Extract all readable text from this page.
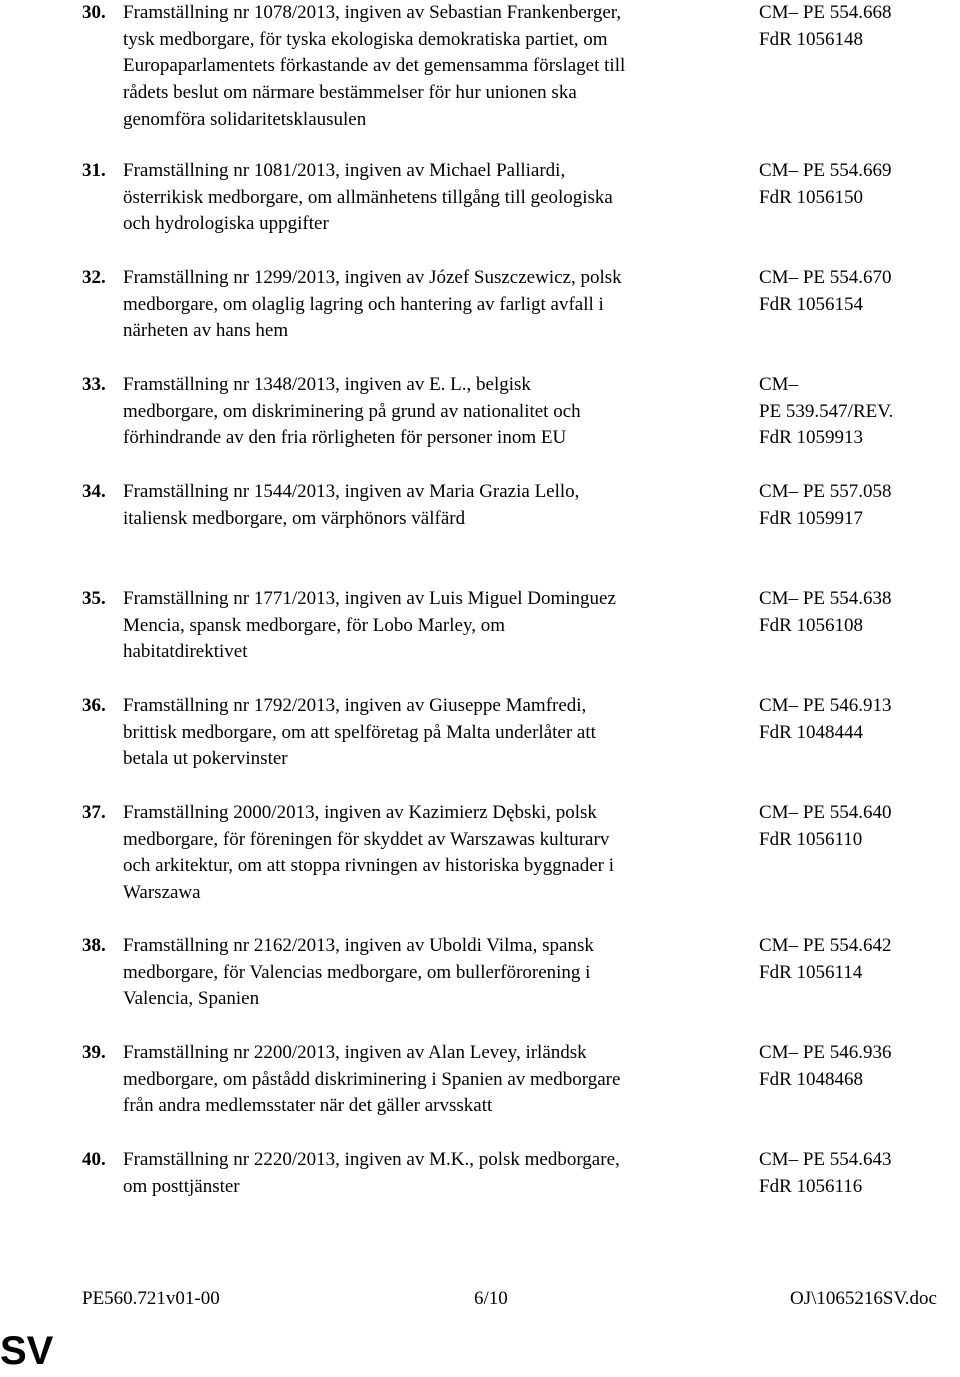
30. Framställning nr 1078/2013, ingiven av Sebastian Frankenberger,
tysk medborgare, för tyska ekologiska demokratiska partiet, om
Europaparlamentets förkastande av det gemensamma förslaget till
rådets beslut om närmare bestämmelser för hur unionen ska
genomföra solidaritetsklausulen
CM– PE 554.668
FdR 1056148
31. Framställning nr 1081/2013, ingiven av Michael Palliardi,
österrikisk medborgare, om allmänhetens tillgång till geologiska
och hydrologiska uppgifter
CM– PE 554.669
FdR 1056150
32. Framställning nr 1299/2013, ingiven av Józef Suszczewicz, polsk
medborgare, om olaglig lagring och hantering av farligt avfall i
närheten av hans hem
CM– PE 554.670
FdR 1056154
33. Framställning nr 1348/2013, ingiven av E. L., belgisk
medborgare, om diskriminering på grund av nationalitet och
förhindrande av den fria rörligheten för personer inom EU
CM–
PE 539.547/REV.
FdR 1059913
34. Framställning nr 1544/2013, ingiven av Maria Grazia Lello,
italiensk medborgare, om värphönors välfärd
CM– PE 557.058
FdR 1059917
35. Framställning nr 1771/2013, ingiven av Luis Miguel Dominguez
Mencia, spansk medborgare, för Lobo Marley, om
habitatdirektivet
CM– PE 554.638
FdR 1056108
36. Framställning nr 1792/2013, ingiven av Giuseppe Mamfredi,
brittisk medborgare, om att spelföretag på Malta underlåter att
betala ut pokervinster
CM– PE 546.913
FdR 1048444
37. Framställning 2000/2013, ingiven av Kazimierz Dębski, polsk
medborgare, för föreningen för skyddet av Warszawas kulturarv
och arkitektur, om att stoppa rivningen av historiska byggnader i
Warszawa
CM– PE 554.640
FdR 1056110
38. Framställning nr 2162/2013, ingiven av Uboldi Vilma, spansk
medborgare, för Valencias medborgare, om bullerförorening i
Valencia, Spanien
CM– PE 554.642
FdR 1056114
39. Framställning nr 2200/2013, ingiven av Alan Levey, irländsk
medborgare, om påstådd diskriminering i Spanien av medborgare
från andra medlemsstater när det gäller arvsskatt
CM– PE 546.936
FdR 1048468
40. Framställning nr 2220/2013, ingiven av M.K., polsk medborgare,
om posttjänster
CM– PE 554.643
FdR 1056116
PE560.721v01-00	6/10	OJ\1065216SV.doc
SV
